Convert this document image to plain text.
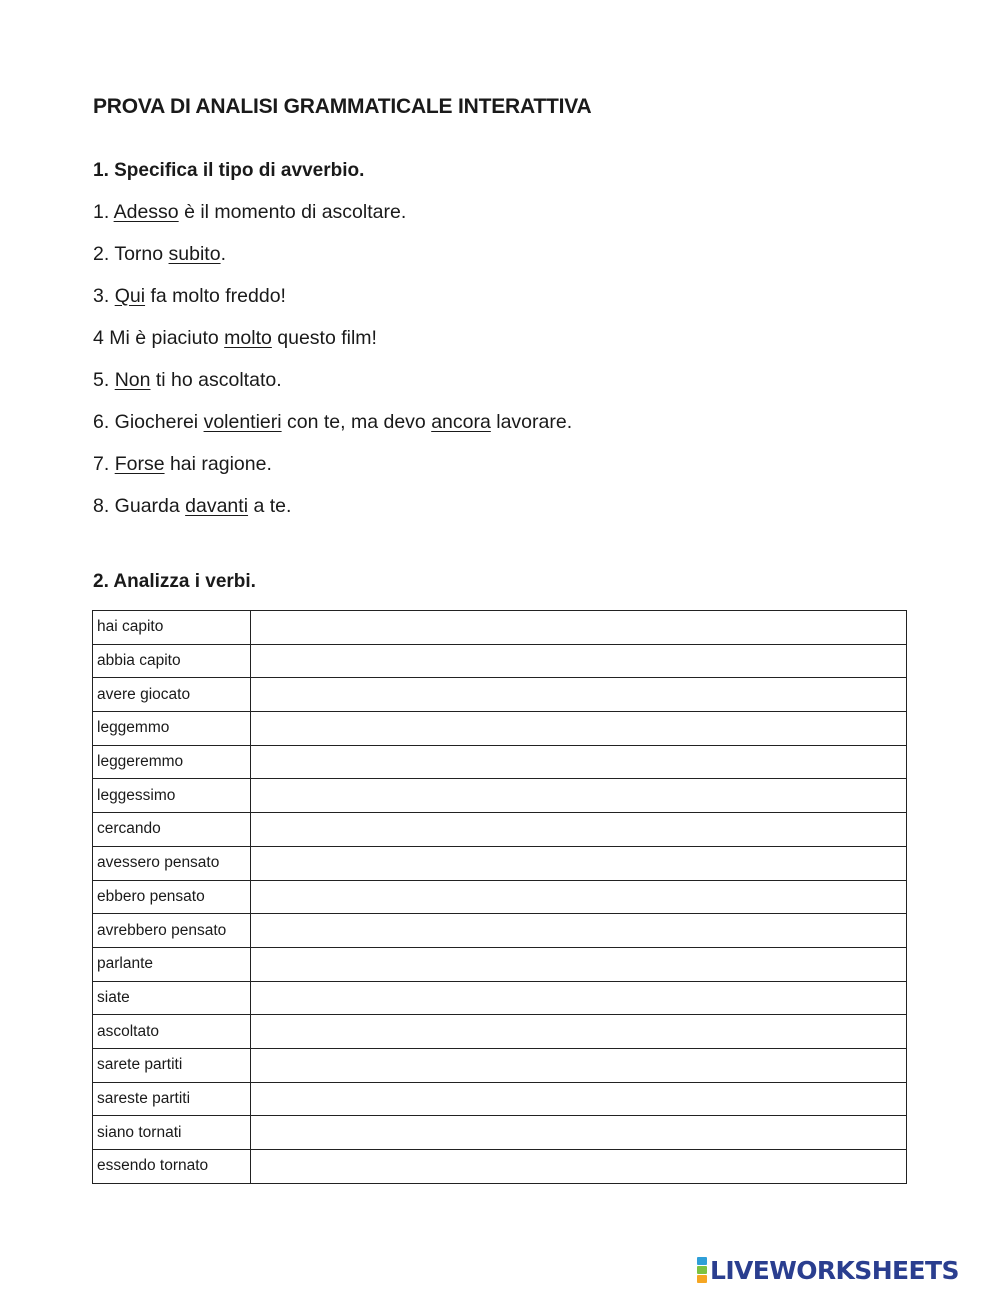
PROVA DI ANALISI GRAMMATICALE INTERATTIVA
1. Specifica il tipo di avverbio.
1. Adesso è il momento di ascoltare.
2. Torno subito.
3. Qui fa molto freddo!
4 Mi è piaciuto molto questo film!
5. Non ti ho ascoltato.
6. Giocherei volentieri con te, ma devo ancora lavorare.
7. Forse hai ragione.
8. Guarda davanti a te.
2. Analizza i verbi.
hai capito	
abbia capito	
avere giocato	
leggemmo	
leggeremmo	
leggessimo	
cercando	
avessero pensato	
ebbero pensato	
avrebbero pensato	
parlante	
siate	
ascoltato	
sarete partiti	
sareste partiti	
siano tornati	
essendo tornato	
LIVEWORKSHEETS
